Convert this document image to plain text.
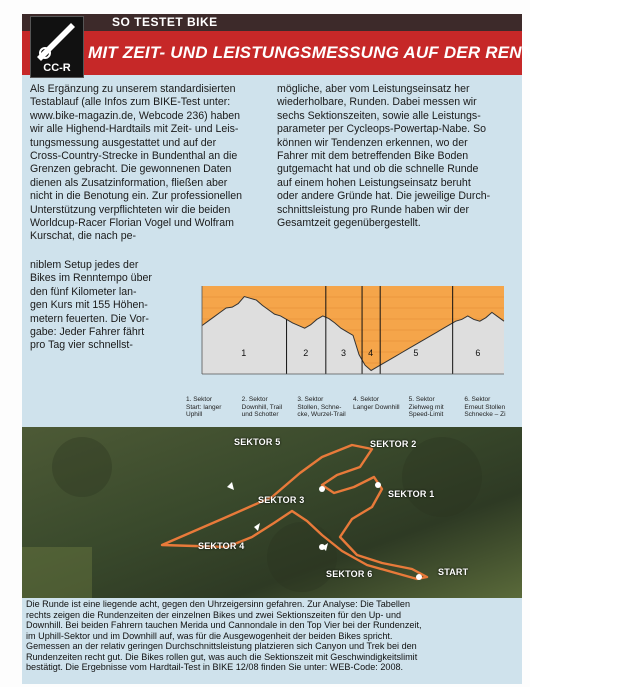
SO TESTET BIKE
MIT ZEIT- UND LEISTUNGSMESSUNG AUF DER RENNSTRECKE
CC-R
Als Ergänzung zu unserem standardisierten
Testablauf (alle Infos zum BIKE-Test unter:
www.bike-magazin.de, Webcode 236) haben
wir alle Highend-Hardtails mit Zeit- und Leis-
tungsmessung ausgestattet und auf der
Cross-Country-Strecke in Bundenthal an die
Grenzen gebracht. Die gewonnenen Daten
dienen als Zusatzinformation, fließen aber
nicht in die Benotung ein. Zur professionellen
Unterstützung verpflichteten wir die beiden
Worldcup-Racer Florian Vogel und Wolfram
Kurschat, die nach pe-
niblem Setup jedes der
Bikes im Renntempo über
den fünf Kilometer lan-
gen Kurs mit 155 Höhen-
metern feuerten. Die Vor-
gabe: Jeder Fahrer fährt
pro Tag vier schnellst-
mögliche, aber vom Leistungseinsatz her
wiederholbare, Runden. Dabei messen wir
sechs Sektionszeiten, sowie alle Leistungs-
parameter per Cycleops-Powertap-Nabe. So
können wir Tendenzen erkennen, wo der
Fahrer mit dem betreffenden Bike Boden
gutgemacht hat und ob die schnelle Runde
auf einem hohen Leistungseinsatz beruht
oder andere Gründe hat. Die jeweilige Durch-
schnittsleistung pro Runde haben wir der
Gesamtzeit gegenübergestellt.
1	2	3 4	5	6
1. Sektor
Start: langer Uphill
2. Sektor
Downhill, Trail und Schotter
3. Sektor
Stollen, Schne-cke, Wurzel-Trail
4. Sektor
Langer Downhill
5. Sektor
Ziehweg mit Speed-Limit
6. Sektor
Erneut Stollen Schnecke – Zi
SEKTOR 5	SEKTOR 2
SEKTOR 3
SEKTOR 1
SEKTOR 4
SEKTOR 6	START
Die Runde ist eine liegende acht, gegen den Uhrzeigersinn gefahren. Zur Analyse: Die Tabellen
rechts zeigen die Rundenzeiten der einzelnen Bikes und zwei Sektionszeiten für den Up- und
Downhill. Bei beiden Fahrern tauchen Merida und Cannondale in den Top Vier bei der Rundenzeit,
im Uphill-Sektor und im Downhill auf, was für die Ausgewogenheit der beiden Bikes spricht.
Gemessen an der relativ geringen Durchschnittsleistung platzieren sich Canyon und Trek bei den
Rundenzeiten recht gut. Die Bikes rollen gut, was auch die Sektionszeit mit Geschwindigkeitslimit
bestätigt. Die Ergebnisse vom Hardtail-Test in BIKE 12/08 finden Sie unter: WEB-Code: 2008.
